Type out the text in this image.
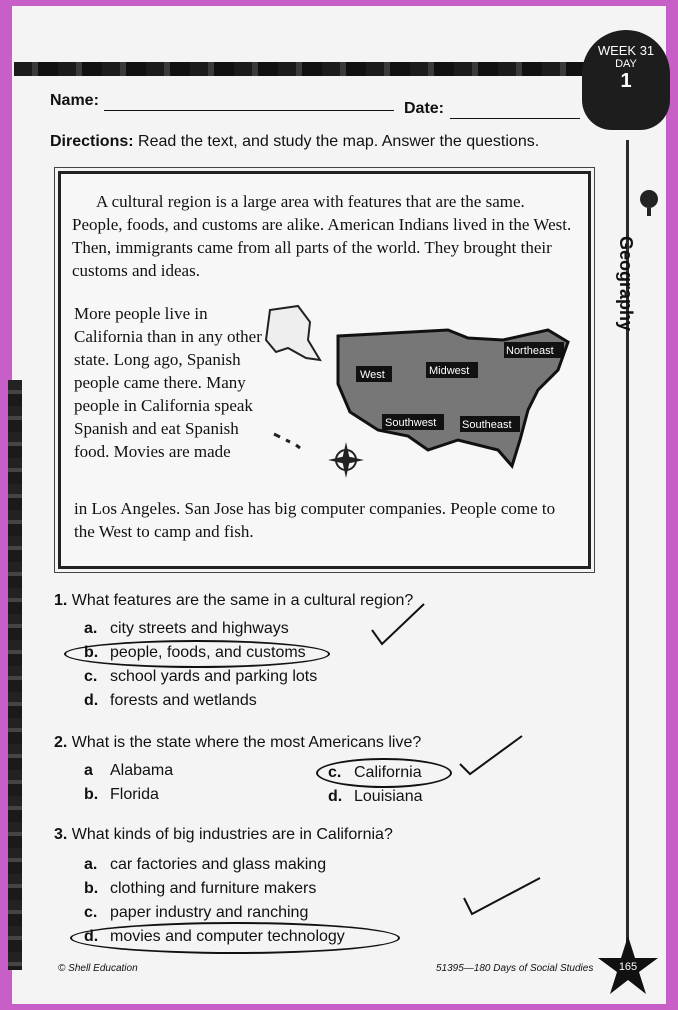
WEEK 31
DAY
1
Name:	Date:
Directions: Read the text, and study the map. Answer the questions.
Geography
A cultural region is a large area with features that are the same. People, foods, and customs are alike. American Indians lived in the West. Then, immigrants came from all parts of the world. They brought their customs and ideas.
More people live in California than in any other state. Long ago, Spanish people came there. Many people in California speak Spanish and eat Spanish food. Movies are made
in Los Angeles. San Jose has big computer companies. People come to the West to camp and fish.
West	Midwest
Northeast
Southwest Southeast
1. What features are the same in a cultural region?
a. city streets and highways
b. people, foods, and customs
c. school yards and parking lots
d. forests and wetlands
2. What is the state where the most Americans live?
a Alabama
b. Florida
c. California
d. Louisiana
3. What kinds of big industries are in California?
a. car factories and glass making
b. clothing and furniture makers
c. paper industry and ranching
d. movies and computer technology
© Shell Education	51395—180 Days of Social Studies 165
